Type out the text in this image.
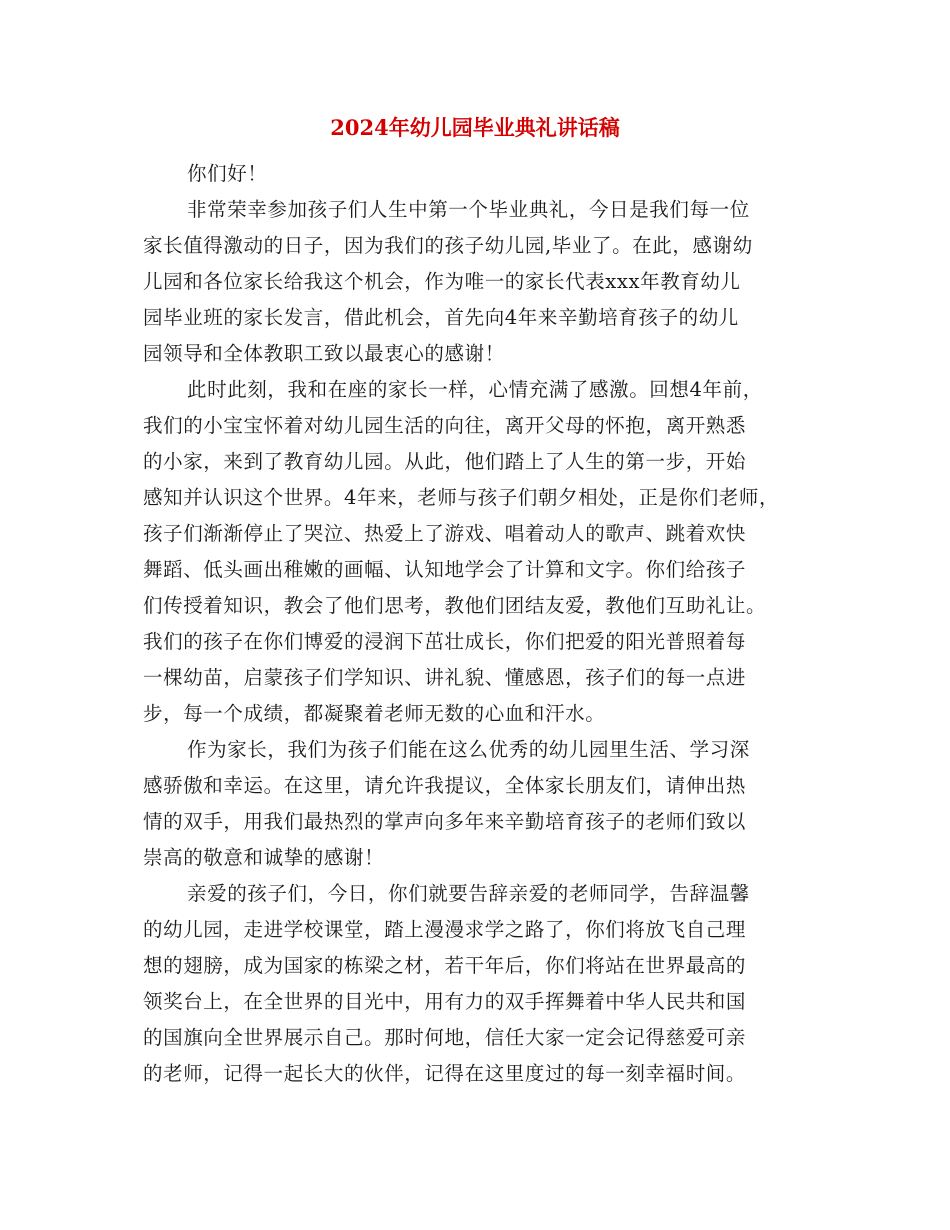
2024年幼儿园毕业典礼讲话稿
你们好！
非常荣幸参加孩子们人生中第一个毕业典礼，今日是我们每一位
家长值得激动的日子，因为我们的孩子幼儿园,毕业了。在此，感谢幼
儿园和各位家长给我这个机会，作为唯一的家长代表xxx年教育幼儿
园毕业班的家长发言，借此机会，首先向4年来辛勤培育孩子的幼儿
园领导和全体教职工致以最衷心的感谢！
此时此刻，我和在座的家长一样，心情充满了感激。回想4年前，
我们的小宝宝怀着对幼儿园生活的向往，离开父母的怀抱，离开熟悉
的小家，来到了教育幼儿园。从此，他们踏上了人生的第一步，开始
感知并认识这个世界。4年来，老师与孩子们朝夕相处，正是你们老师，
孩子们渐渐停止了哭泣、热爱上了游戏、唱着动人的歌声、跳着欢快
舞蹈、低头画出稚嫩的画幅、认知地学会了计算和文字。你们给孩子
们传授着知识，教会了他们思考，教他们团结友爱，教他们互助礼让。
我们的孩子在你们博爱的浸润下茁壮成长，你们把爱的阳光普照着每
一棵幼苗，启蒙孩子们学知识、讲礼貌、懂感恩，孩子们的每一点进
步，每一个成绩，都凝聚着老师无数的心血和汗水。
作为家长，我们为孩子们能在这么优秀的幼儿园里生活、学习深
感骄傲和幸运。在这里，请允许我提议，全体家长朋友们，请伸出热
情的双手，用我们最热烈的掌声向多年来辛勤培育孩子的老师们致以
崇高的敬意和诚挚的感谢！
亲爱的孩子们，今日，你们就要告辞亲爱的老师同学，告辞温馨
的幼儿园，走进学校课堂，踏上漫漫求学之路了，你们将放飞自己理
想的翅膀，成为国家的栋梁之材，若干年后，你们将站在世界最高的
领奖台上，在全世界的目光中，用有力的双手挥舞着中华人民共和国
的国旗向全世界展示自己。那时何地，信任大家一定会记得慈爱可亲
的老师，记得一起长大的伙伴，记得在这里度过的每一刻幸福时间。
